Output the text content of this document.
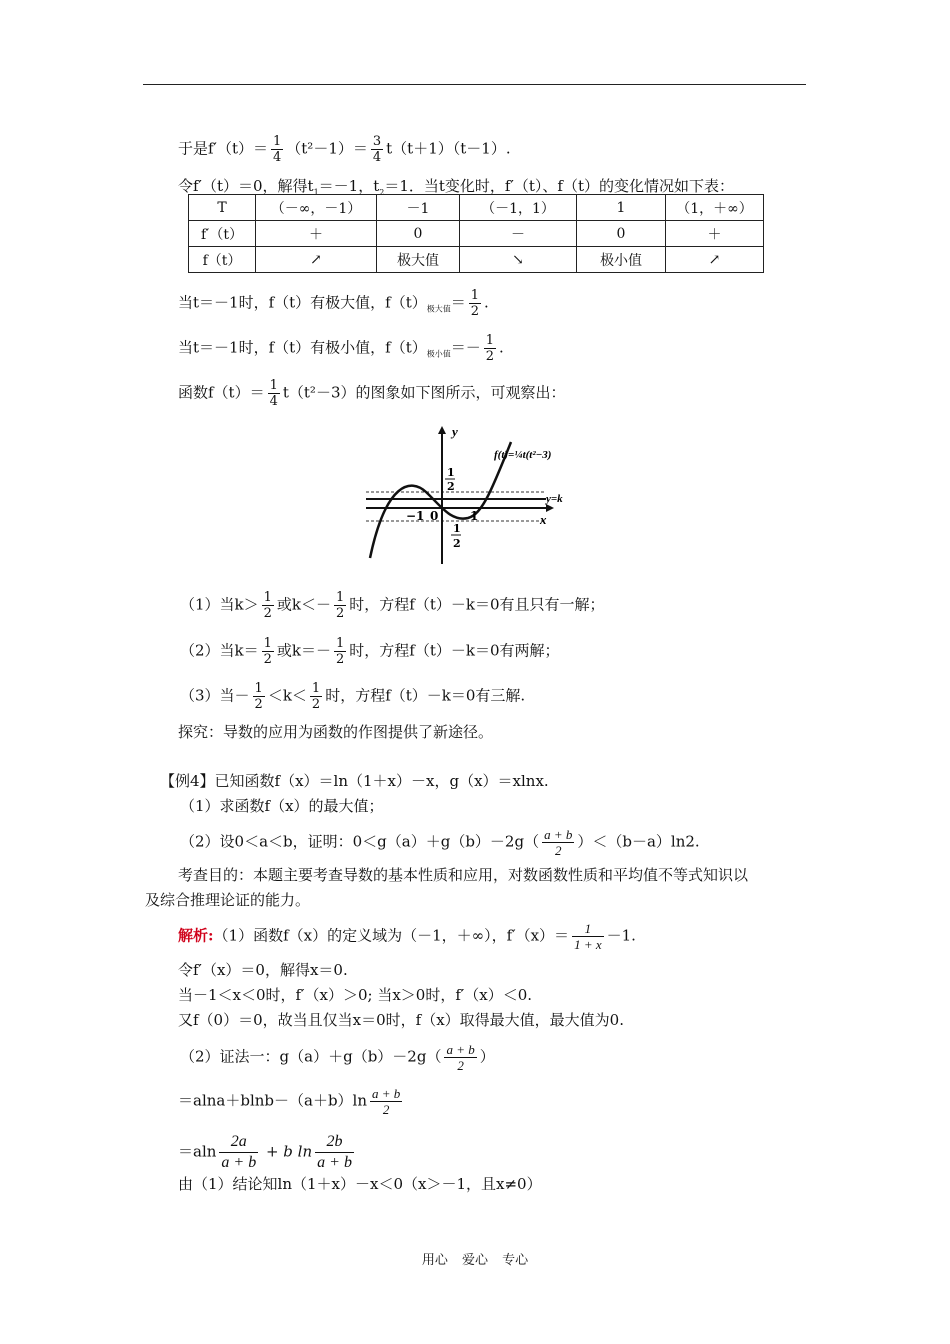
于是$f'(t)= \frac{1}{4} (t^2-1)= \frac{3}{4} t(t+1)(t-1)$.
令f′（t）＝0，解得$t_1=-1$，$t_2=1$．当t变化时，f′（t）、f（t）的变化情况如下表：
T	（－∞，－1）	－1	（－1，1）	1	（1，＋∞）
f′（t）	＋	0	－	0	＋
f（t）	↗	极大值	↘	极小值	↗
当t＝－1时，f（t）有极大值，$f(t)_{极大值}= \frac{1}{2}$ .
当t＝－1时，f（t）有极小值，$f(t)_{极小值}=- \frac{1}{2}$ .
函数$f(t)= \frac{1}{4} t(t^2-3)$的图象如下图所示，可观察出：
y
x
f(t)=¼t(t²−3)
y=k
1
2
1
2
−1 0	1
（1）当$k> \frac{1}{2}$ 或$k<- \frac{1}{2}$ 时，方程f（t）－k＝0有且只有一解；
（2）当$k= \frac{1}{2}$ 或$k=- \frac{1}{2}$ 时，方程f（t）－k＝0有两解；
（3）当－ $\frac{1}{2} <k< \frac{1}{2}$ 时，方程f（t）－k＝0有三解.
探究：导数的应用为函数的作图提供了新途径。
【例4】已知函数f（x）＝ln（1＋x）－x，g（x）＝xlnx.
（1）求函数f（x）的最大值；
（2）设0＜a＜b，证明：$0<g(a)+g(b)-2g( \frac{a + b}{2} )<(b-a)\ln 2$.
考查目的：本题主要考查导数的基本性质和应用，对数函数性质和平均值不等式知识以
及综合推理论证的能力。
解析:（1）函数f（x）的定义域为（－1，＋∞），$f'(x)= \frac{1}{1 + x} -1$.
令f′（x）＝0，解得x＝0.
当－1＜x＜0时，f′（x）＞0; 当x＞0时，f′（x）＜0.
又f（0）＝0，故当且仅当x＝0时，f（x）取得最大值，最大值为0.
（2）证法一：$g(a)+g(b)-2g( \frac{a + b}{2}$ ）
$=alna+blnb-(a+b)\ln \frac{a + b}{2}$
$=aln \frac{2a}{a + b} + b$ $\ln \frac{2b}{a + b}$
由（1）结论知ln（1＋x）－x＜0（x＞－1，且x≠0）
用心 爱心 专心
